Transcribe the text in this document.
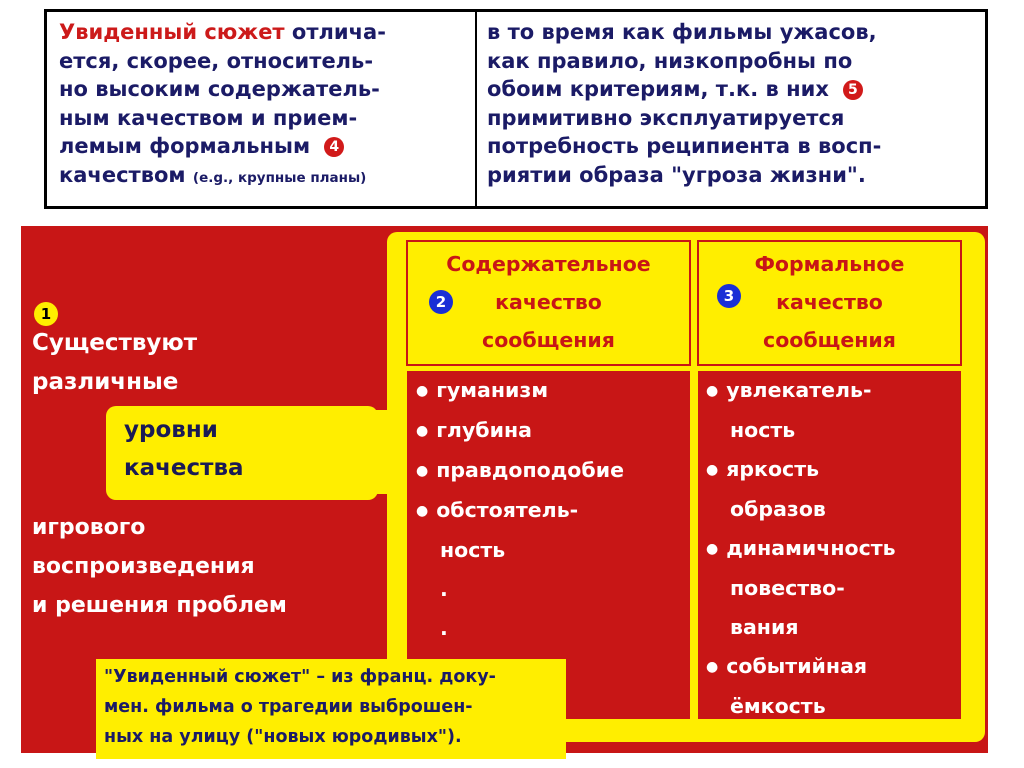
Увиденный сюжет отлича-
ется, скорее, относитель-
но высоким содержатель-
ным качеством и прием-
лемым формальным 4
качеством (e.g., крупные планы)
в то время как фильмы ужасов,
как правило, низкопробны по
обоим критериям, т.к. в них 5
примитивно эксплуатируется
потребность реципиента в восп-
риятии образа "угроза жизни".
уровни
качества
1
Существуют
различные
игрового
воспроизведения
и решения проблем
Содержательное
качество
сообщения
Формальное
качество
сообщения
2	3
● гуманизм
● глубина
● правдоподобие
● обстоятель-
ность
.
.
● увлекатель-
ность
● яркость
образов
● динамичность
повество-
вания
● событийная
ёмкость
"Увиденный сюжет" – из франц. доку-
мен. фильма о трагедии выброшен-
ных на улицу ("новых юродивых").
